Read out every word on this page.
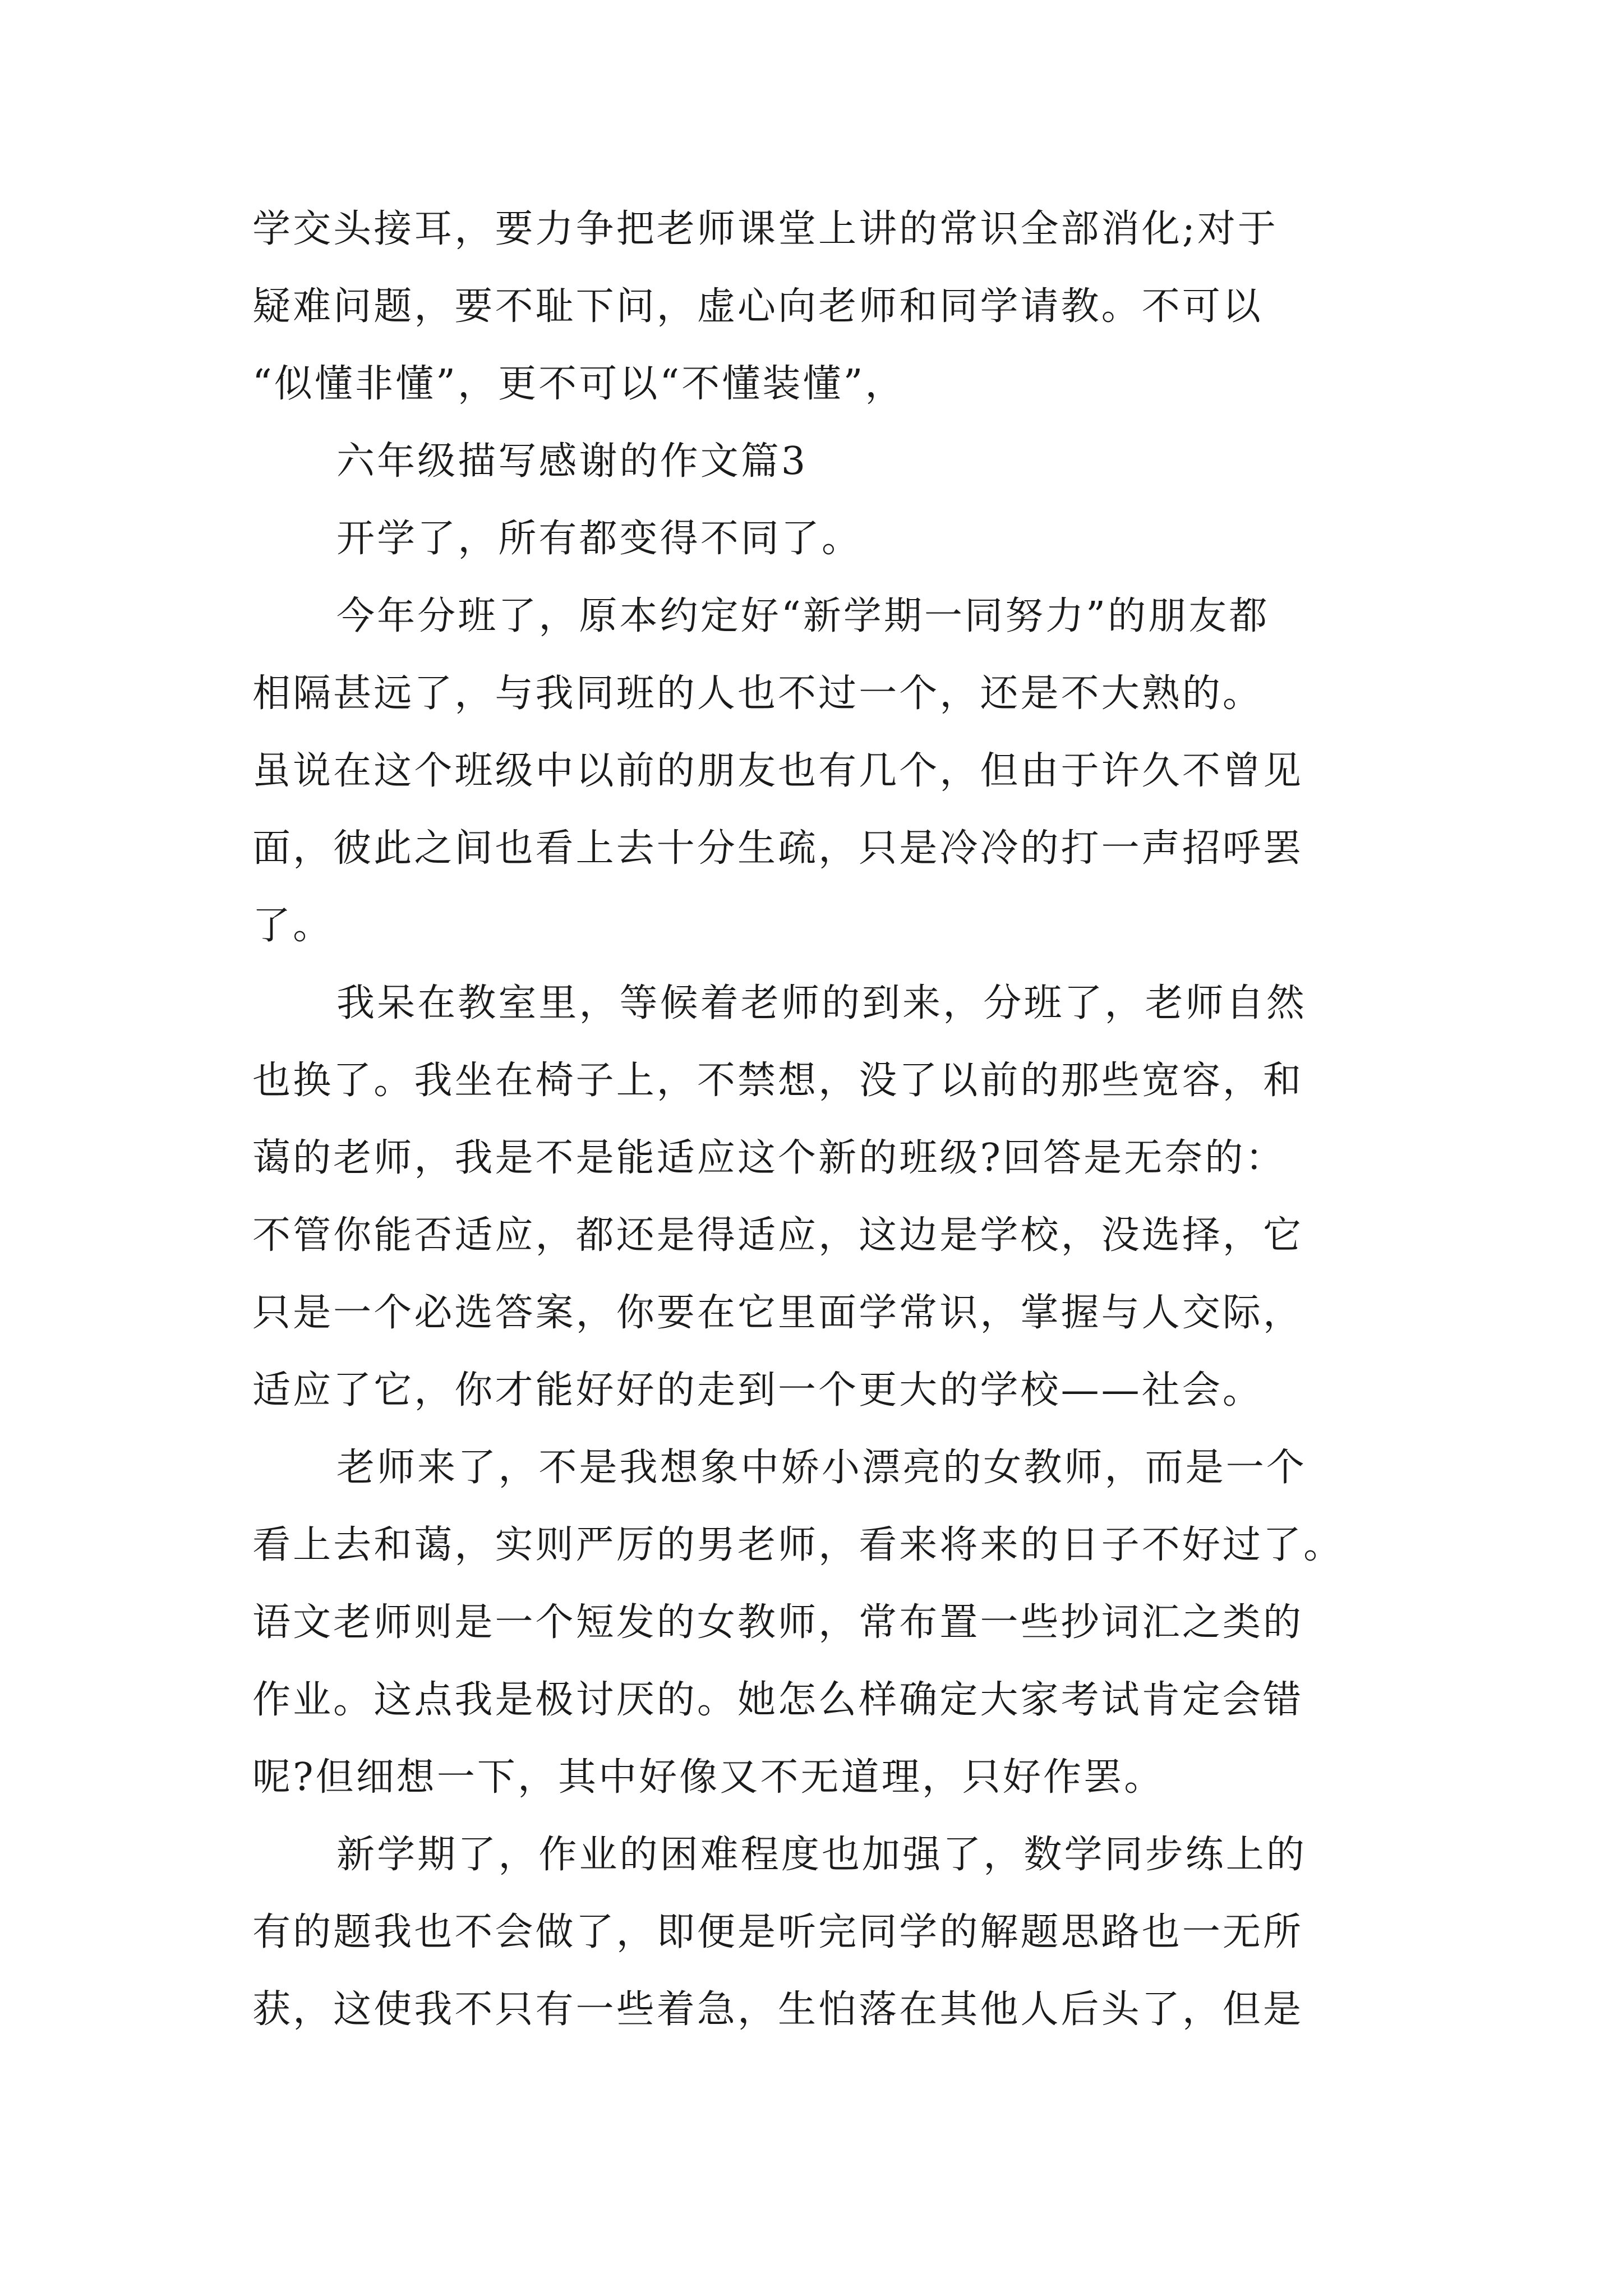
学交头接耳，要力争把老师课堂上讲的常识全部消化;对于
疑难问题，要不耻下问，虚心向老师和同学请教。不可以
“似懂非懂”，更不可以“不懂装懂”，
六年级描写感谢的作文篇3
开学了，所有都变得不同了。
今年分班了，原本约定好“新学期一同努力”的朋友都
相隔甚远了，与我同班的人也不过一个，还是不大熟的。
虽说在这个班级中以前的朋友也有几个，但由于许久不曾见
面，彼此之间也看上去十分生疏，只是冷冷的打一声招呼罢
了。
我呆在教室里，等候着老师的到来，分班了，老师自然
也换了。我坐在椅子上，不禁想，没了以前的那些宽容，和
蔼的老师，我是不是能适应这个新的班级?回答是无奈的：
不管你能否适应，都还是得适应，这边是学校，没选择，它
只是一个必选答案，你要在它里面学常识，掌握与人交际，
适应了它，你才能好好的走到一个更大的学校——社会。
老师来了，不是我想象中娇小漂亮的女教师，而是一个
看上去和蔼，实则严厉的男老师，看来将来的日子不好过了。
语文老师则是一个短发的女教师，常布置一些抄词汇之类的
作业。这点我是极讨厌的。她怎么样确定大家考试肯定会错
呢?但细想一下，其中好像又不无道理，只好作罢。
新学期了，作业的困难程度也加强了，数学同步练上的
有的题我也不会做了，即便是听完同学的解题思路也一无所
获，这使我不只有一些着急，生怕落在其他人后头了，但是
